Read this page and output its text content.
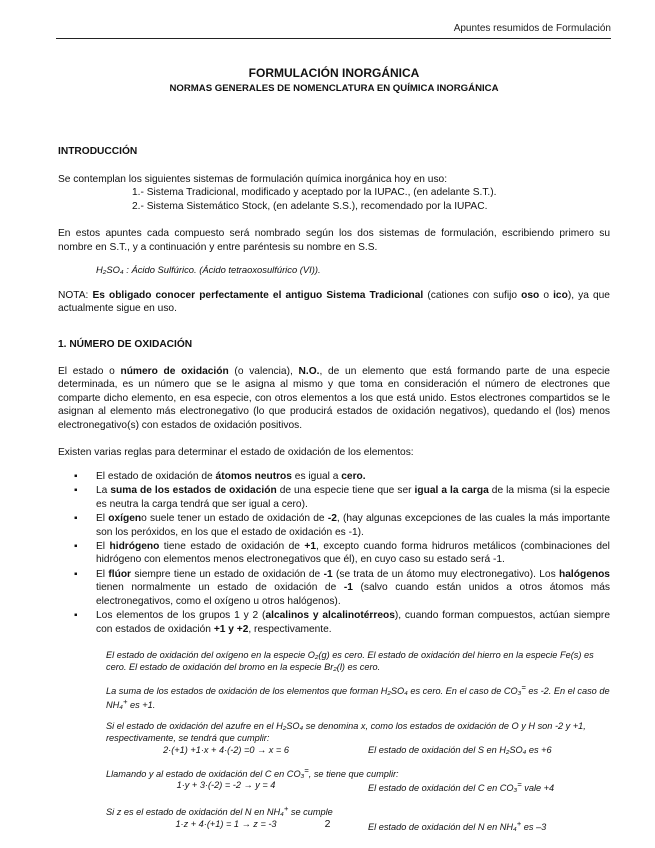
Apuntes resumidos de Formulación

FORMULACIÓN INORGÁNICA

NORMAS GENERALES DE NOMENCLATURA EN QUÍMICA INORGÁNICA

INTRODUCCIÓN

Se contemplan los siguientes sistemas de formulación química inorgánica hoy en uso:

1.- Sistema Tradicional, modificado y aceptado por la IUPAC., (en adelante S.T.).

2.- Sistema Sistemático Stock, (en adelante S.S.), recomendado por la IUPAC.

En estos apuntes cada compuesto será nombrado según los dos sistemas de formulación, escribiendo primero su nombre en S.T., y a continuación y entre paréntesis su nombre en S.S.

H₂SO₄ : Ácido Sulfúrico. (Ácido tetraoxosulfúrico (VI)).

NOTA: Es obligado conocer perfectamente el antiguo Sistema Tradicional (cationes con sufijo oso o ico), ya que actualmente sigue en uso.

1. NÚMERO DE OXIDACIÓN

El estado o número de oxidación (o valencia), N.O., de un elemento que está formando parte de una especie determinada, es un número que se le asigna al mismo y que toma en consideración el número de electrones que comparte dicho elemento, en esa especie, con otros elementos a los que está unido. Estos electrones compartidos se le asignan al elemento más electronegativo (lo que producirá estados de oxidación negativos), quedando el (los) menos electronegativo(s) con estados de oxidación positivos.

Existen varias reglas para determinar el estado de oxidación de los elementos:

▪ El estado de oxidación de átomos neutros es igual a cero.
▪ La suma de los estados de oxidación de una especie tiene que ser igual a la carga de la misma (si la especie es neutra la carga tendrá que ser igual a cero).
▪ El oxígeno suele tener un estado de oxidación de -2, (hay algunas excepciones de las cuales la más importante son los peróxidos, en los que el estado de oxidación es -1).
▪ El hidrógeno tiene estado de oxidación de +1, excepto cuando forma hidruros metálicos (combinaciones del hidrógeno con elementos menos electronegativos que él), en cuyo caso su estado será -1.
▪ El flúor siempre tiene un estado de oxidación de -1 (se trata de un átomo muy electronegativo). Los halógenos tienen normalmente un estado de oxidación de -1 (salvo cuando están unidos a otros átomos más electronegativos, como el oxígeno u otros halógenos).
▪ Los elementos de los grupos 1 y 2 (alcalinos y alcalinotérreos), cuando forman compuestos, actúan siempre con estados de oxidación +1 y +2, respectivamente.

El estado de oxidación del oxígeno en la especie O₂(g) es cero. El estado de oxidación del hierro en la especie Fe(s) es cero. El estado de oxidación del bromo en la especie Br₂(l) es cero.

La suma de los estados de oxidación de los elementos que forman H₂SO₄ es cero. En el caso de CO₃= es -2. En el caso de NH₄+ es +1.

Si el estado de oxidación del azufre en el H₂SO₄ se denomina x, como los estados de oxidación de O y H son -2 y +1, respectivamente, se tendrá que cumplir:

2·(+1) +1·x + 4·(-2) =0 → x = 6	El estado de oxidación del S en H₂SO₄ es +6

Llamando y al estado de oxidación del C en CO₃=, se tiene que cumplir:

1·y + 3·(-2) = -2 → y = 4	El estado de oxidación del C en CO₃= vale +4

Si z es el estado de oxidación del N en NH₄+ se cumple

1·z + 4·(+1) = 1 → z = -3	El estado de oxidación del N en NH₄+ es –3
2
